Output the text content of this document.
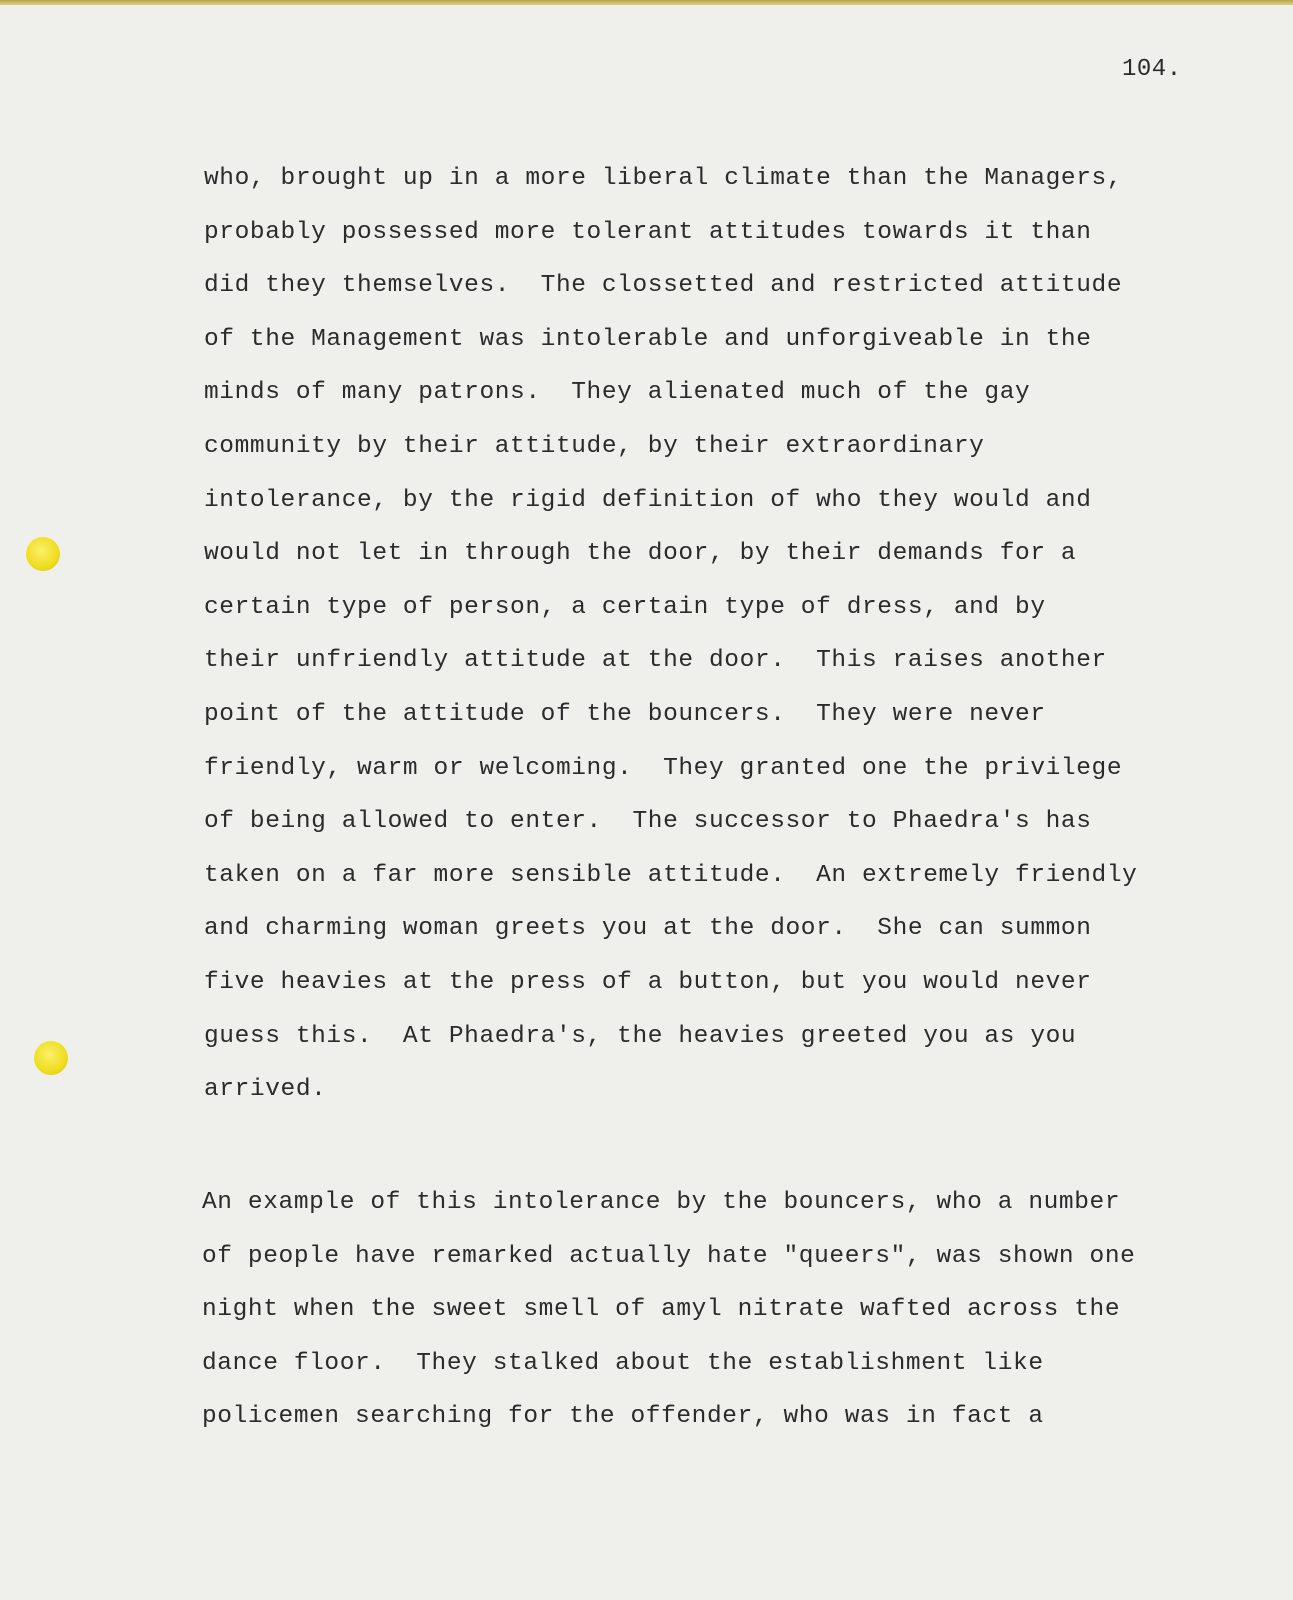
104.
who, brought up in a more liberal climate than the Managers,
probably possessed more tolerant attitudes towards it than
did they themselves.  The clossetted and restricted attitude
of the Management was intolerable and unforgiveable in the
minds of many patrons.  They alienated much of the gay
community by their attitude, by their extraordinary
intolerance, by the rigid definition of who they would and
would not let in through the door, by their demands for a
certain type of person, a certain type of dress, and by
their unfriendly attitude at the door.  This raises another
point of the attitude of the bouncers.  They were never
friendly, warm or welcoming.  They granted one the privilege
of being allowed to enter.  The successor to Phaedra's has
taken on a far more sensible attitude.  An extremely friendly
and charming woman greets you at the door.  She can summon
five heavies at the press of a button, but you would never
guess this.  At Phaedra's, the heavies greeted you as you
arrived.
An example of this intolerance by the bouncers, who a number
of people have remarked actually hate "queers", was shown one
night when the sweet smell of amyl nitrate wafted across the
dance floor.  They stalked about the establishment like
policemen searching for the offender, who was in fact a
